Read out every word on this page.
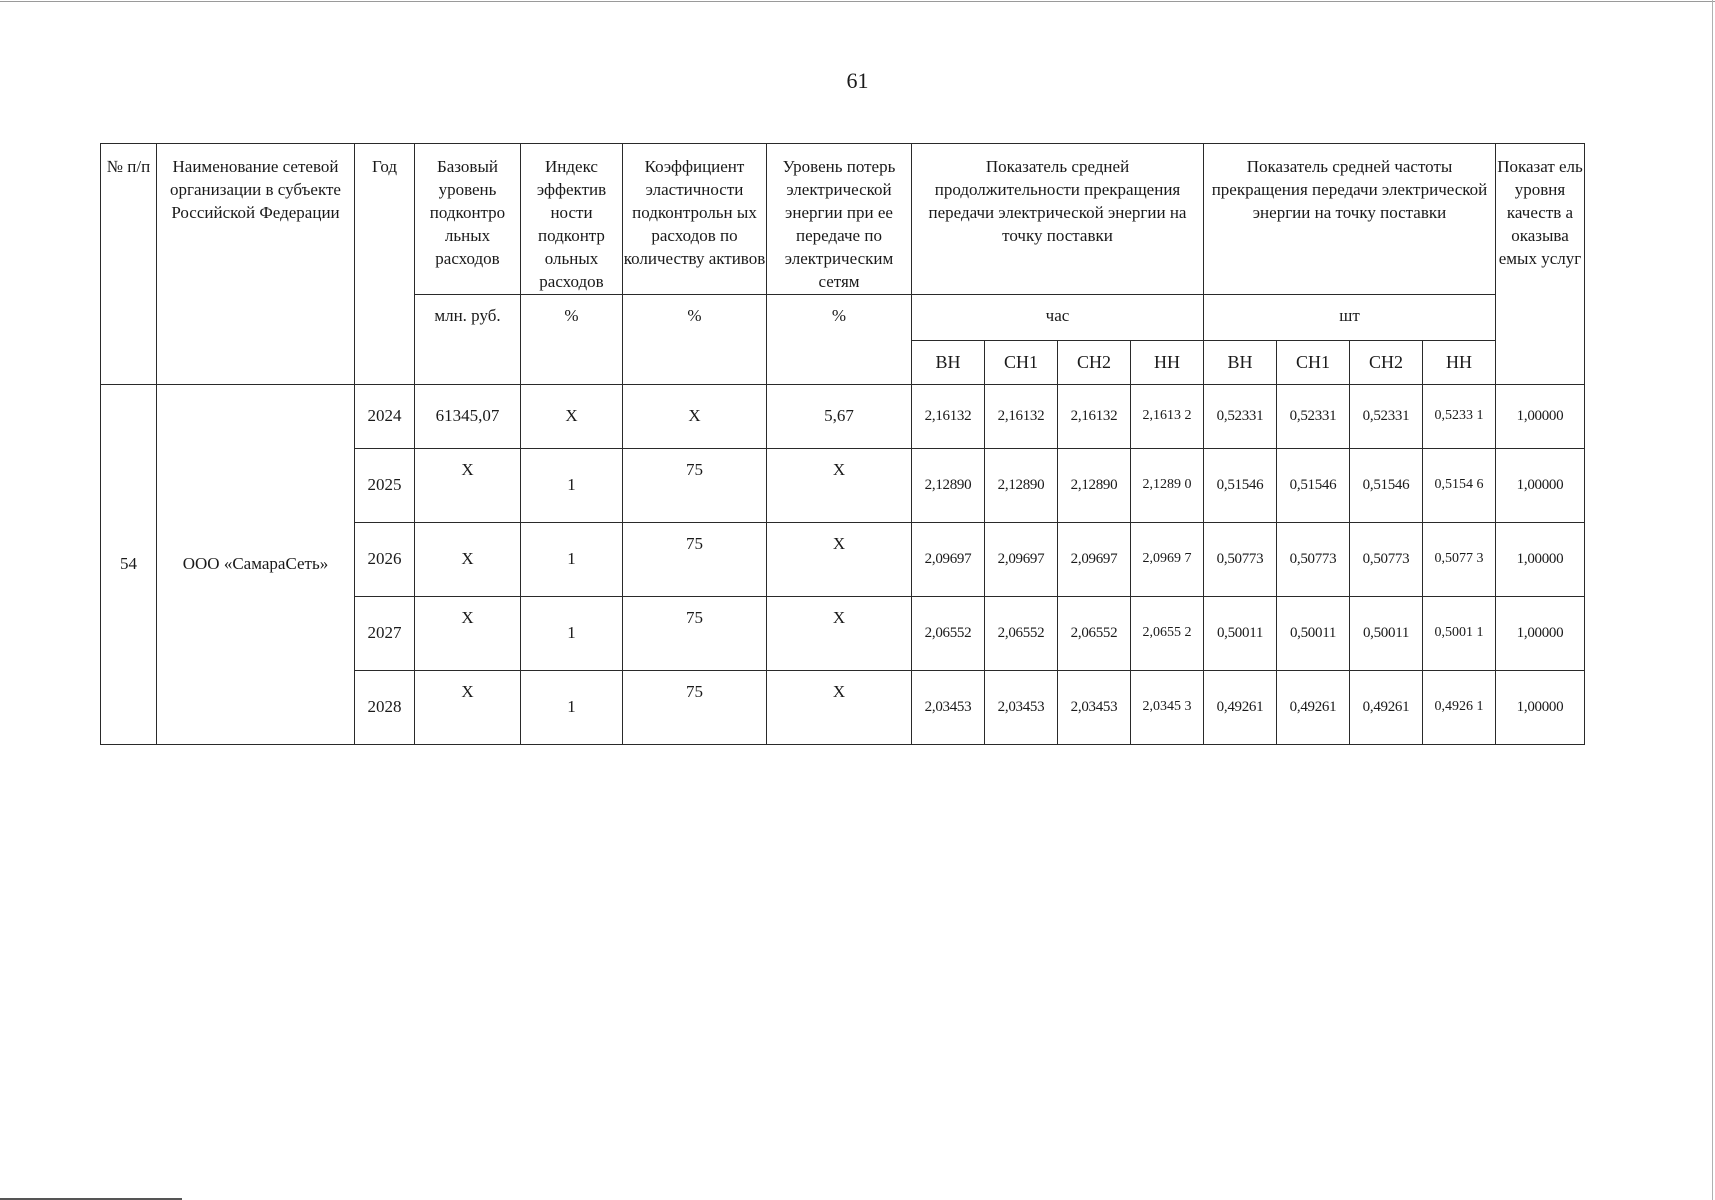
61
№ п/п	Наименование сетевой организации в субъекте Российской Федерации	Год	Базовый уровень подконтро льных расходов	Индекс эффектив ности подконтр ольных расходов	Коэффициент эластичности подконтрольн ых расходов по количеству активов	Уровень потерь электрической энергии при ее передаче по электрическим сетям	Показатель средней продолжительности прекращения передачи электрической энергии на точку поставки				Показатель средней частоты прекращения передачи электрической энергии на точку поставки				Показат ель уровня качеств а оказыва емых услуг
			млн. руб.	%	%	%	час				шт				
							ВН	СН1	СН2	НН	ВН	СН1	СН2	НН	
54	ООО «СамараСеть»	2024	61345,07	Х	Х	5,67	2,16132	2,16132	2,16132	2,1613 2	0,52331	0,52331	0,52331	0,5233 1	1,00000
		2025	Х	1	75	Х	2,12890	2,12890	2,12890	2,1289 0	0,51546	0,51546	0,51546	0,5154 6	1,00000
		2026	Х	1	75	Х	2,09697	2,09697	2,09697	2,0969 7	0,50773	0,50773	0,50773	0,5077 3	1,00000
		2027	Х	1	75	Х	2,06552	2,06552	2,06552	2,0655 2	0,50011	0,50011	0,50011	0,5001 1	1,00000
		2028	Х	1	75	Х	2,03453	2,03453	2,03453	2,0345 3	0,49261	0,49261	0,49261	0,4926 1	1,00000
